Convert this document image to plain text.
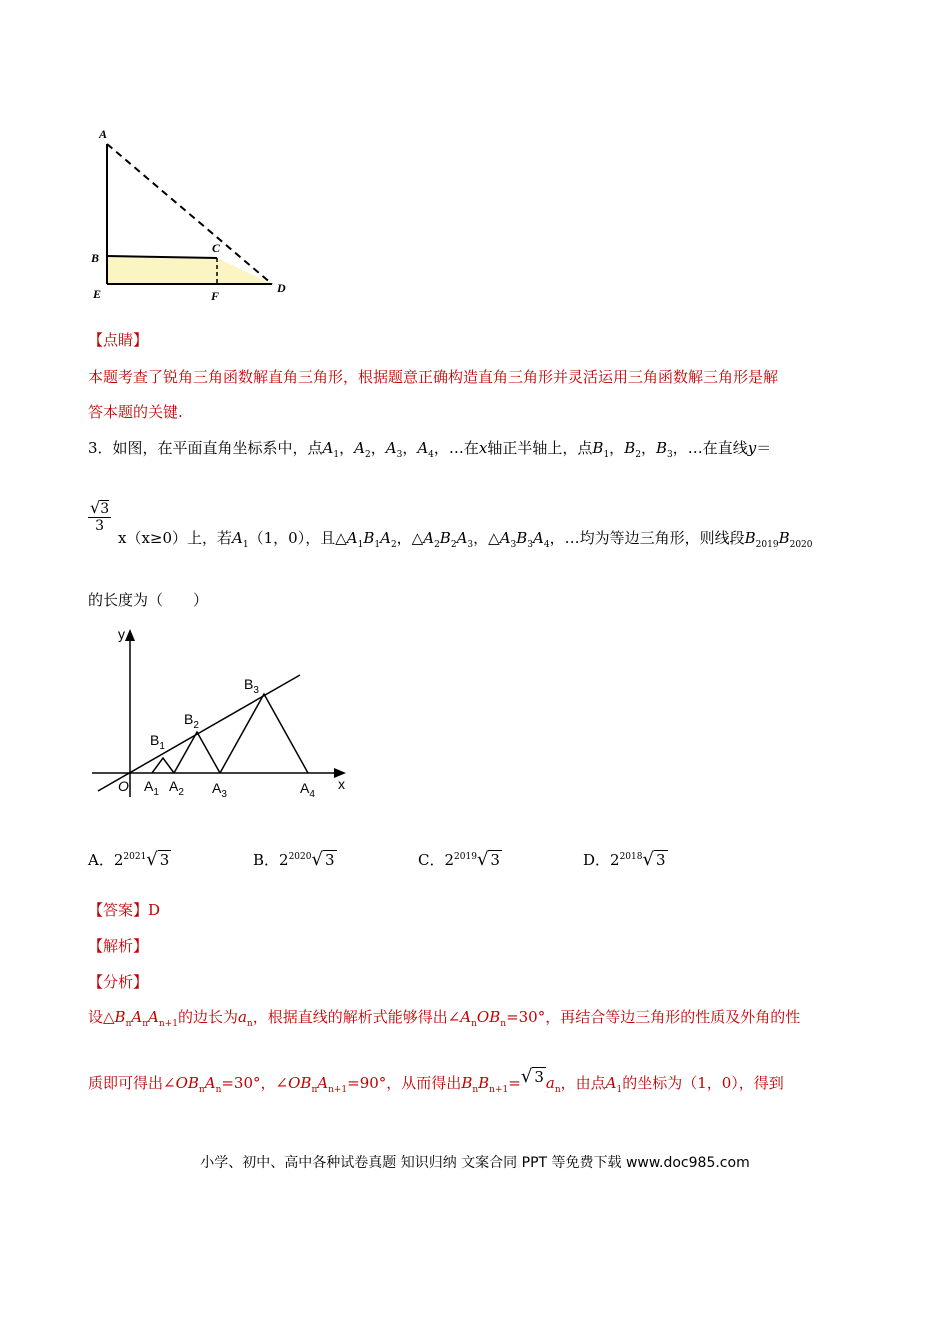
A
B
C
D
E	F
【点睛】
本题考查了锐角三角函数解直角三角形，根据题意正确构造直角三角形并灵活运用三角函数解三角形是解
答本题的关键.
3．如图，在平面直角坐标系中，点$A_1$，$A_2$，$A_3$，$A_4$，…在x轴正半轴上，点$B_1$，$B_2$，$B_3$，…在直线y＝
$\frac{√3}{3}$
x（x≥0）上，若$A_1(1$，0），且$\triangle A_1B_1A_2$，$\triangle A_2B_2A_3$，$\triangle A_3B_3A_4$，…均为等边三角形，则线段$B_{2019}B_{2020}$
的长度为（　　）
y
x
O
$B_1$
$B_2$
$B_3$
$A_1$ $A_2$ $A_3$	$A_4$
A．$2^{2021}√$ 3	B．$2^{2020}√$ 3	C．$2^{2019}√$ 3	D．$2^{2018}√$ 3
【答案】D
【解析】
【分析】
设$\triangle B_nA_nA_{n+1}$的边长为$a_n$，根据直线的解析式能够得出$\angle A_nOB_n=30^\circ$，再结合等边三角形的性质及外角的性
质即可得出$\angle OB_nA_n=30^\circ$，$\angle OB_nA_{n+1}=90^\circ$，从而得出$B_nB_{n+1}=√$ 3 $a_n$，由点$A_1$的坐标为（1，0），得到
小学、初中、高中各种试卷真题 知识归纳 文案合同 PPT 等免费下载 www.doc985.com
